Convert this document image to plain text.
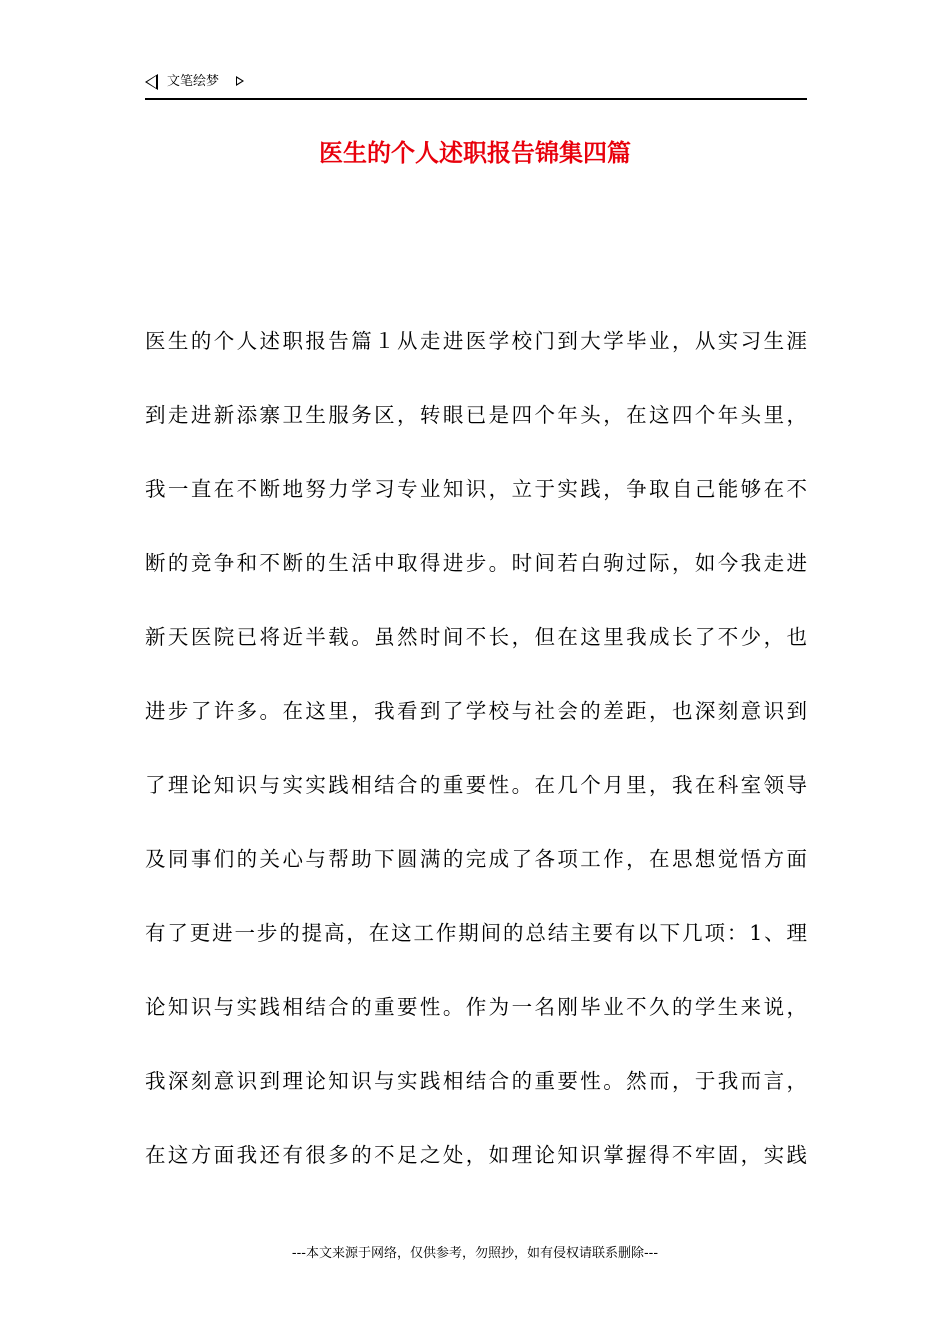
文笔绘梦
医生的个人述职报告锦集四篇
医生的个人述职报告篇１从走进医学校门到大学毕业，从实习生涯
到走进新添寨卫生服务区，转眼已是四个年头，在这四个年头里，
我一直在不断地努力学习专业知识，立于实践，争取自己能够在不
断的竞争和不断的生活中取得进步。时间若白驹过际，如今我走进
新天医院已将近半载。虽然时间不长，但在这里我成长了不少，也
进步了许多。在这里，我看到了学校与社会的差距，也深刻意识到
了理论知识与实实践相结合的重要性。在几个月里，我在科室领导
及同事们的关心与帮助下圆满的完成了各项工作，在思想觉悟方面
有了更进一步的提高，在这工作期间的总结主要有以下几项：1、理
论知识与实践相结合的重要性。作为一名刚毕业不久的学生来说，
我深刻意识到理论知识与实践相结合的重要性。然而，于我而言，
在这方面我还有很多的不足之处，如理论知识掌握得不牢固，实践
---本文来源于网络，仅供参考，勿照抄，如有侵权请联系删除---
